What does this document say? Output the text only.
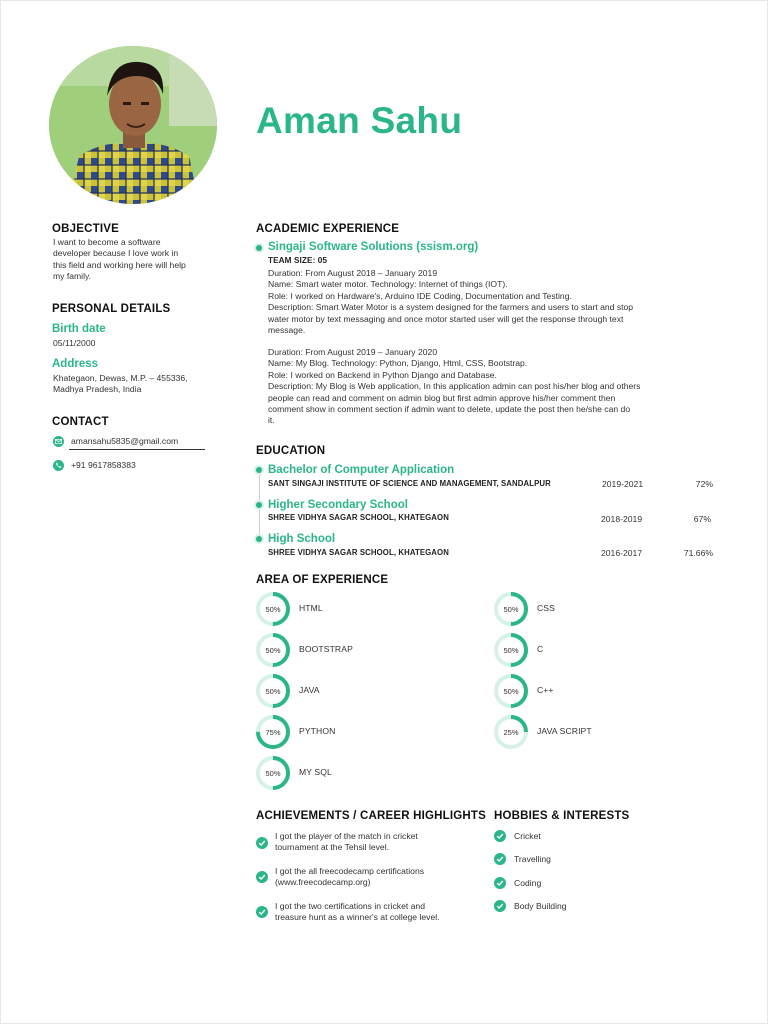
Aman Sahu
OBJECTIVE
I want to become a software
developer because I love work in
this field and working here will help
my family.
PERSONAL DETAILS
Birth date
05/11/2000
Address
Khategaon, Dewas, M.P. – 455336,
Madhya Pradesh, India
CONTACT
amansahu5835@gmail.com
+91 9617858383
ACADEMIC EXPERIENCE
Singaji Software Solutions (ssism.org)
TEAM SIZE: 05
Duration: From August 2018 – January 2019
Name: Smart water motor. Technology: Internet of things (IOT).
Role: I worked on Hardware's, Arduino IDE Coding, Documentation and Testing.
Description: Smart Water Motor is a system designed for the farmers and users to start and stop
water motor by text messaging and once motor started user will get the response through text
message.
Duration: From August 2019 – January 2020
Name: My Blog. Technology: Python, Django, Html, CSS, Bootstrap.
Role: I worked on Backend in Python Django and Database.
Description: My Blog is Web application, In this application admin can post his/her blog and others
people can read and comment on admin blog but first admin approve his/her comment then
comment show in comment section if admin want to delete, update the post then he/she can do
it.
EDUCATION
Bachelor of Computer Application
SANT SINGAJI INSTITUTE OF SCIENCE AND MANAGEMENT, SANDALPUR	2019-2021	72%
Higher Secondary School
SHREE VIDHYA SAGAR SCHOOL, KHATEGAON	2018-2019	67%
High School
SHREE VIDHYA SAGAR SCHOOL, KHATEGAON	2016-2017	71.66%
AREA OF EXPERIENCE
50%	HTML	50%	CSS
50%	BOOTSTRAP	50%	C
50%	JAVA	50%	C++
75%	PYTHON	25%	JAVA SCRIPT
50%	MY SQL
ACHIEVEMENTS / CAREER HIGHLIGHTS
I got the player of the match in cricket
tournament at the Tehsil level.
I got the all freecodecamp certifications
(www.freecodecamp.org)
I got the two certifications in cricket and
treasure hunt as a winner's at college level.
HOBBIES & INTERESTS
Cricket
Travelling
Coding
Body Building
